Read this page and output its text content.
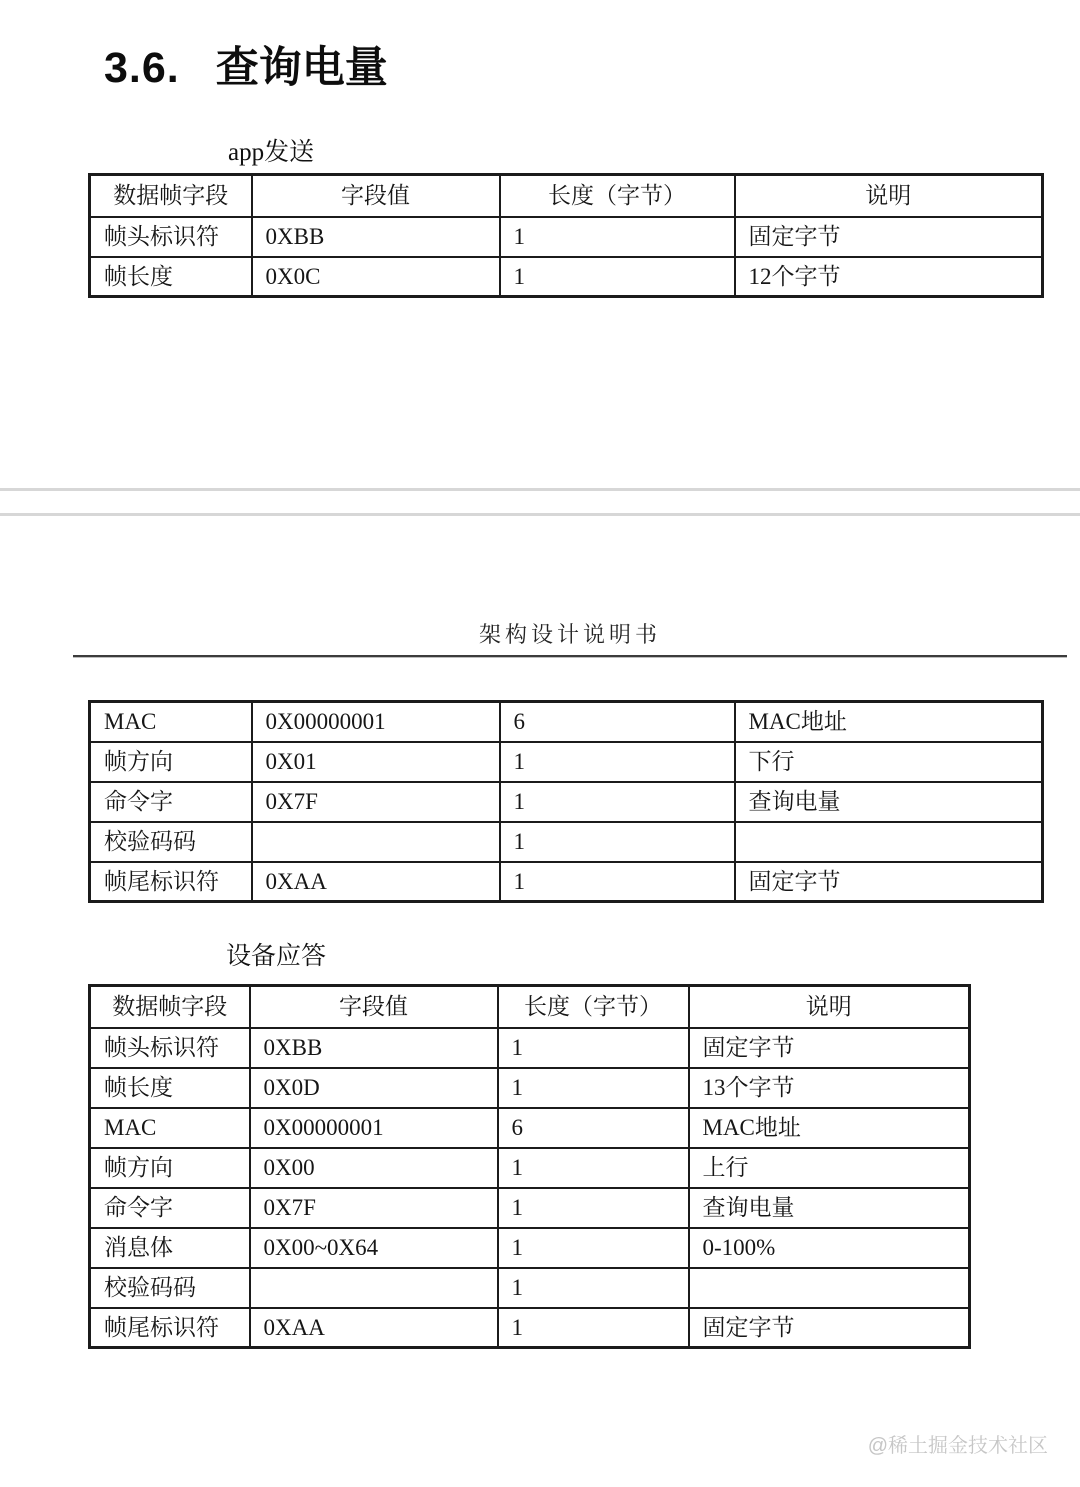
3.6. 查询电量
app发送
数据帧字段	字段值	长度（字节）	说明
帧头标识符	0XBB	1	固定字节
帧长度	0X0C	1	12个字节
架构设计说明书
MAC	0X00000001	6	MAC地址
帧方向	0X01	1	下行
命令字	0X7F	1	查询电量
校验码码		1	
帧尾标识符	0XAA	1	固定字节
设备应答
数据帧字段	字段值	长度（字节）	说明
帧头标识符	0XBB	1	固定字节
帧长度	0X0D	1	13个字节
MAC	0X00000001	6	MAC地址
帧方向	0X00	1	上行
命令字	0X7F	1	查询电量
消息体	0X00~0X64	1	0-100%
校验码码		1	
帧尾标识符	0XAA	1	固定字节
@稀土掘金技术社区
